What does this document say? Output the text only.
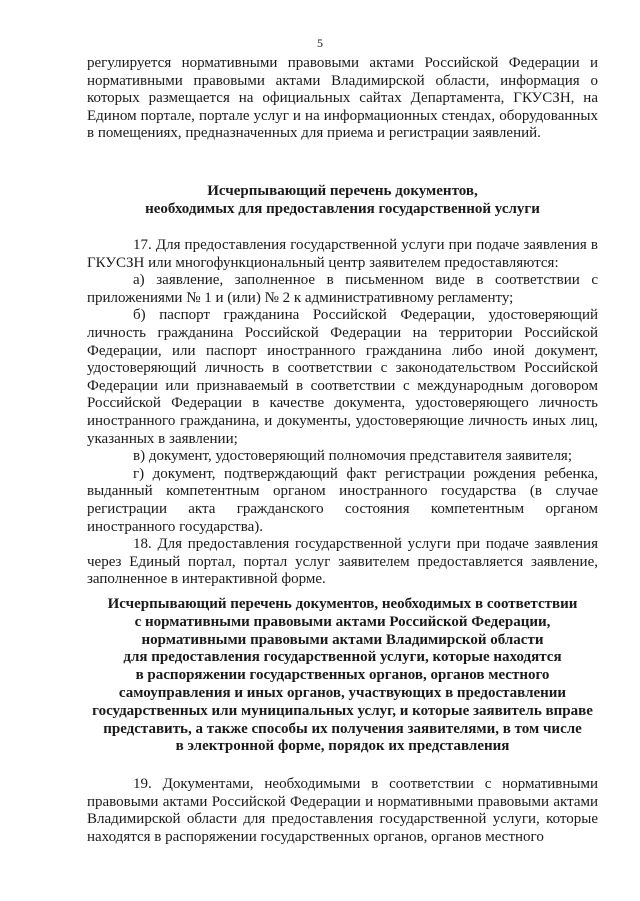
5

регулируется нормативными правовыми актами Российской Федерации и нормативными правовыми актами Владимирской области, информация о которых размещается на официальных сайтах Департамента, ГКУСЗН, на Едином портале, портале услуг и на информационных стендах, оборудованных в помещениях, предназначенных для приема и регистрации заявлений.

Исчерпывающий перечень документов,
необходимых для предоставления государственной услуги

17. Для предоставления государственной услуги при подаче заявления в ГКУСЗН или многофункциональный центр заявителем предоставляются:

а) заявление, заполненное в письменном виде в соответствии с приложениями № 1 и (или) № 2 к административному регламенту;

б) паспорт гражданина Российской Федерации, удостоверяющий личность гражданина Российской Федерации на территории Российской Федерации, или паспорт иностранного гражданина либо иной документ, удостоверяющий личность в соответствии с законодательством Российской Федерации или признаваемый в соответствии с международным договором Российской Федерации в качестве документа, удостоверяющего личность иностранного гражданина, и документы, удостоверяющие личность иных лиц, указанных в заявлении;

в) документ, удостоверяющий полномочия представителя заявителя;

г) документ, подтверждающий факт регистрации рождения ребенка, выданный компетентным органом иностранного государства (в случае регистрации акта гражданского состояния компетентным органом иностранного государства).

18. Для предоставления государственной услуги при подаче заявления через Единый портал, портал услуг заявителем предоставляется заявление, заполненное в интерактивной форме.

Исчерпывающий перечень документов, необходимых в соответствии
с нормативными правовыми актами Российской Федерации,
нормативными правовыми актами Владимирской области
для предоставления государственной услуги, которые находятся
в распоряжении государственных органов, органов местного
самоуправления и иных органов, участвующих в предоставлении
государственных или муниципальных услуг, и которые заявитель вправе
представить, а также способы их получения заявителями, в том числе
в электронной форме, порядок их представления

19. Документами, необходимыми в соответствии с нормативными правовыми актами Российской Федерации и нормативными правовыми актами Владимирской области для предоставления государственной услуги, которые находятся в распоряжении государственных органов, органов местного
